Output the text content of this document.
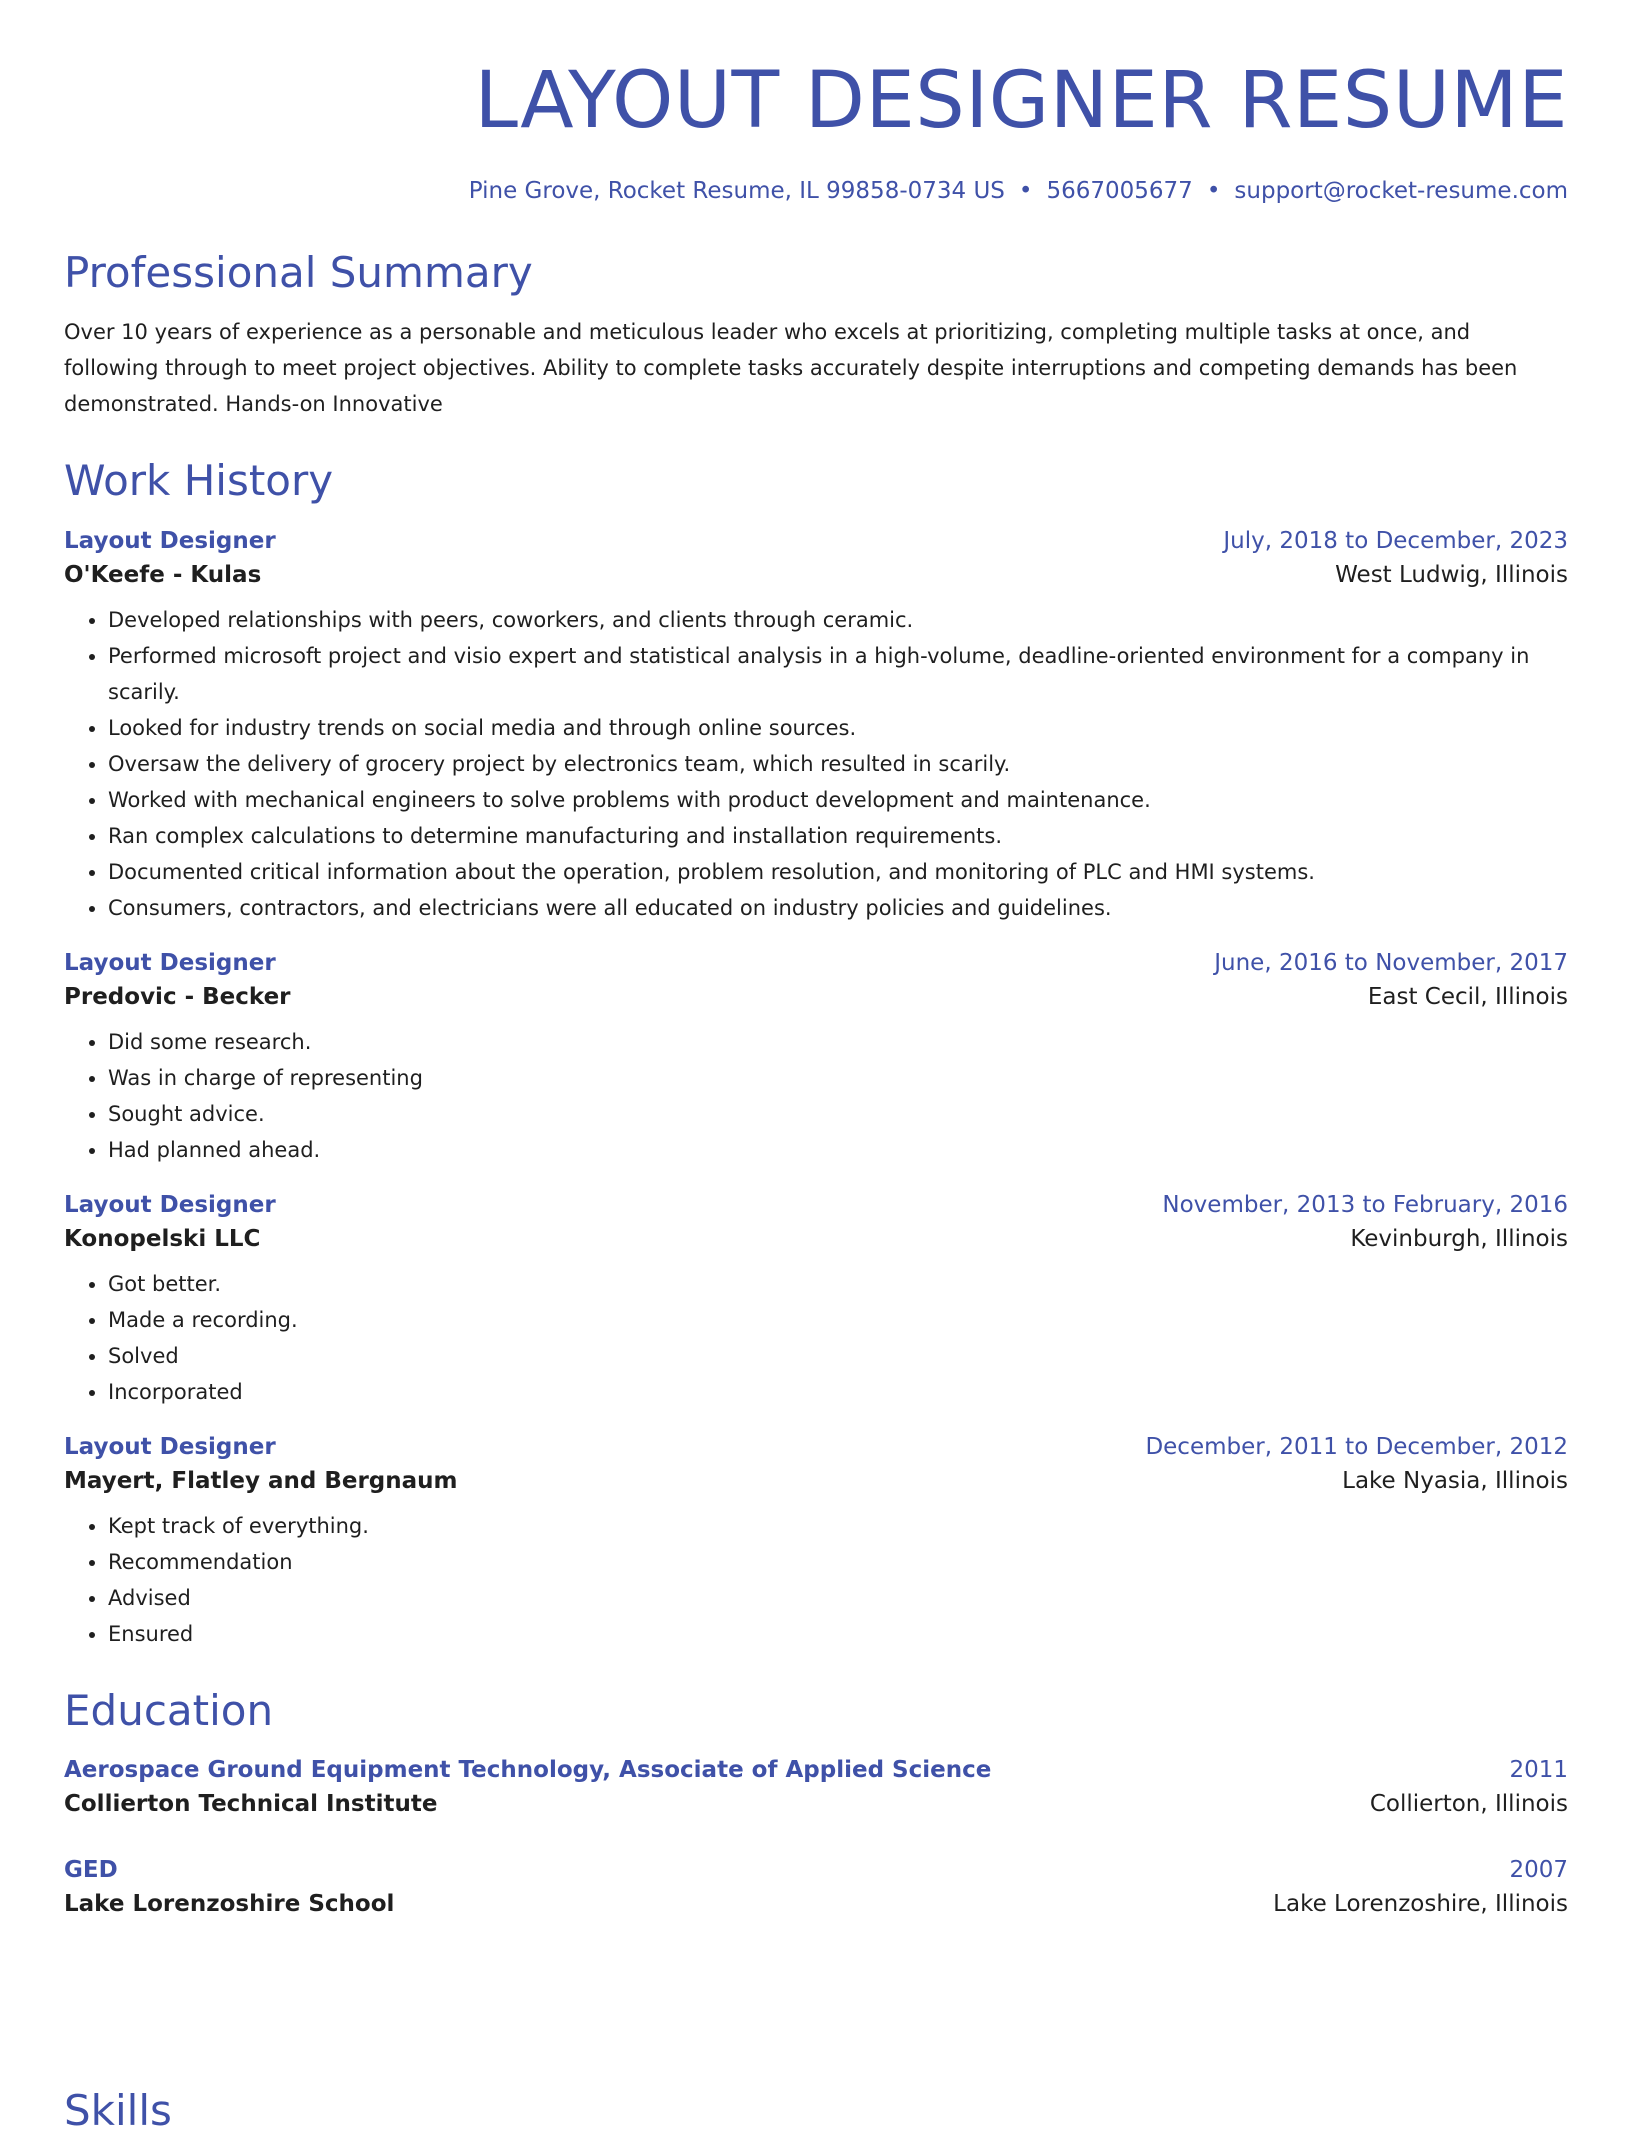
LAYOUT DESIGNER RESUME
Pine Grove, Rocket Resume, IL 99858-0734 US • 5667005677 • support@rocket-resume.com
Professional Summary
Over 10 years of experience as a personable and meticulous leader who excels at prioritizing, completing multiple tasks at once, and following through to meet project objectives. Ability to complete tasks accurately despite interruptions and competing demands has been demonstrated. Hands-on Innovative
Work History
Layout Designer	July, 2018 to December, 2023
O'Keefe - Kulas	West Ludwig, Illinois
• Developed relationships with peers, coworkers, and clients through ceramic.
• Performed microsoft project and visio expert and statistical analysis in a high-volume, deadline-oriented environment for a company in scarily.
• Looked for industry trends on social media and through online sources.
• Oversaw the delivery of grocery project by electronics team, which resulted in scarily.
• Worked with mechanical engineers to solve problems with product development and maintenance.
• Ran complex calculations to determine manufacturing and installation requirements.
• Documented critical information about the operation, problem resolution, and monitoring of PLC and HMI systems.
• Consumers, contractors, and electricians were all educated on industry policies and guidelines.
Layout Designer	June, 2016 to November, 2017
Predovic - Becker	East Cecil, Illinois
• Did some research.
• Was in charge of representing
• Sought advice.
• Had planned ahead.
Layout Designer	November, 2013 to February, 2016
Konopelski LLC	Kevinburgh, Illinois
• Got better.
• Made a recording.
• Solved
• Incorporated
Layout Designer	December, 2011 to December, 2012
Mayert, Flatley and Bergnaum	Lake Nyasia, Illinois
• Kept track of everything.
• Recommendation
• Advised
• Ensured
Education
Aerospace Ground Equipment Technology, Associate of Applied Science	2011
Collierton Technical Institute	Collierton, Illinois
GED	2007
Lake Lorenzoshire School	Lake Lorenzoshire, Illinois
Skills
